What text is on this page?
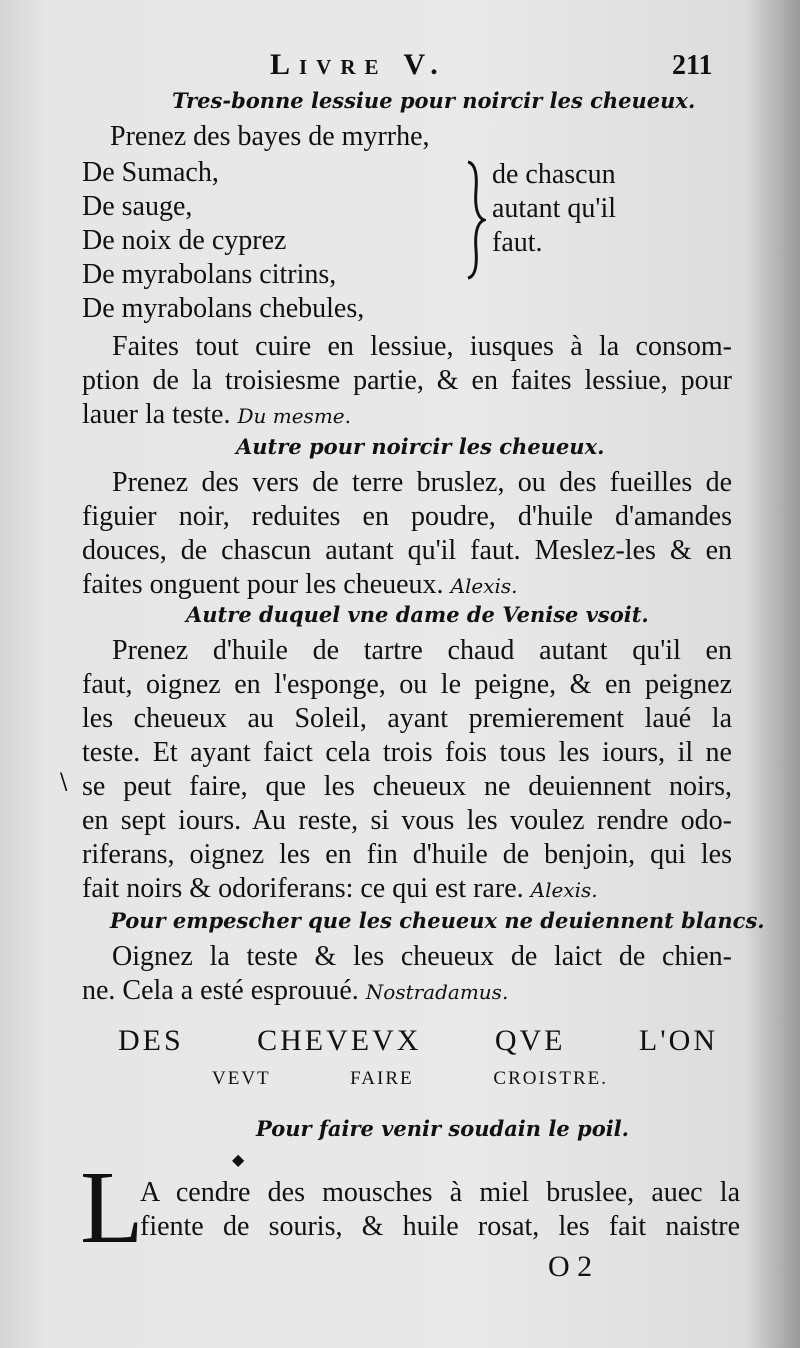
Livre V.	211
Tres-bonne lessiue pour noircir les cheueux.
Prenez des bayes de myrrhe,
De Sumach,
De sauge,
De noix de cyprez
De myrabolans citrins,
De myrabolans chebules,
de chascun
autant qu'il
faut.
Faites tout cuire en lessiue, iusques à la consom-
ption de la troisiesme partie, & en faites lessiue, pour
lauer la teste. Du mesme.
Autre pour noircir les cheueux.
Prenez des vers de terre bruslez, ou des fueilles de
figuier noir, reduites en poudre, d'huile d'amandes
douces, de chascun autant qu'il faut. Meslez-les & en
faites onguent pour les cheueux. Alexis.
Autre duquel vne dame de Venise vsoit.
Prenez d'huile de tartre chaud autant qu'il en
faut, oignez en l'esponge, ou le peigne, & en peignez
les cheueux au Soleil, ayant premierement laué la
teste. Et ayant faict cela trois fois tous les iours, il ne
\ se peut faire, que les cheueux ne deuiennent noirs,
en sept iours. Au reste, si vous les voulez rendre odo-
riferans, oignez les en fin d'huile de benjoin, qui les
fait noirs & odoriferans: ce qui est rare. Alexis.
Pour empescher que les cheueux ne deuiennent blancs.
Oignez la teste & les cheueux de laict de chien-
ne. Cela a esté esprouué. Nostradamus.
DES CHEVEVX QVE L'ON
VEVT FAIRE CROISTRE.
Pour faire venir soudain le poil.
◆
L
A cendre des mousches à miel bruslee, auec la
fiente de souris, & huile rosat, les fait naistre
O 2
